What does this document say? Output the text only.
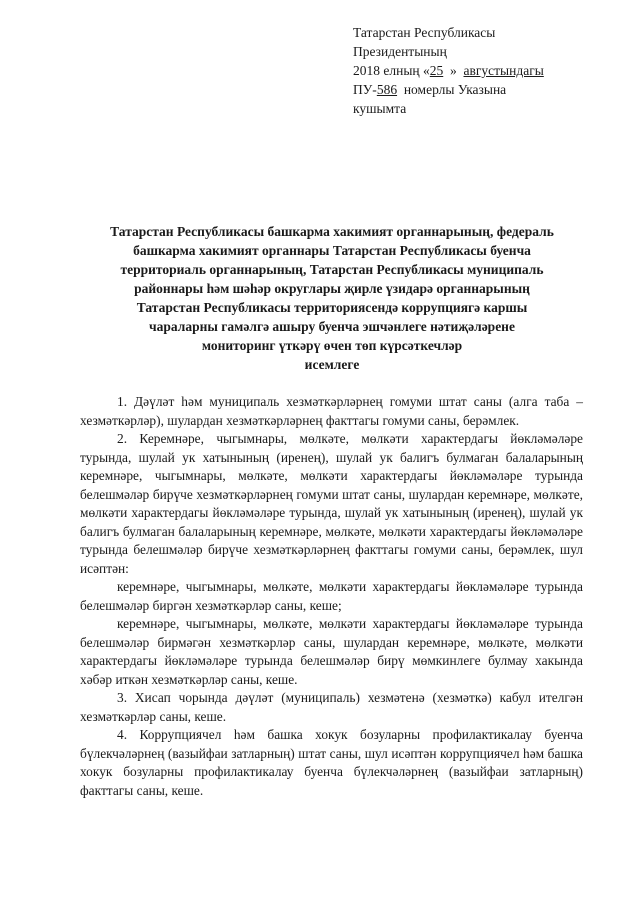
Татарстан Республикасы
Президентының
2018 елның «25 » августындагы
ПУ-586 номерлы Указына
кушымта
Татарстан Республикасы башкарма хакимият органнарының, федераль
башкарма хакимият органнары Татарстан Республикасы буенча
территориаль органнарының, Татарстан Республикасы муниципаль
районнары һәм шәһәр округлары җирле үзидарә органнарының
Татарстан Республикасы территориясендә коррупциягә каршы
чараларны гамәлгә ашыру буенча эшчәнлеге нәтиҗәләрене
мониторинг үткәрү өчен төп күрсәткечләр
исемлеге

1. Дәүләт һәм муниципаль хезмәткәрләрнең гомуми штат саны (алга таба – хезмәткәрләр), шулардан хезмәткәрләрнең факттагы гомуми саны, берәмлек.

2. Керемнәре, чыгымнары, мөлкәте, мөлкәти характердагы йөкләмәләре турында, шулай ук хатынының (иренең), шулай ук балигъ булмаган балаларының керемнәре, чыгымнары, мөлкәте, мөлкәти характердагы йөкләмәләре турында белешмәләр бирүче хезмәткәрләрнең гомуми штат саны, шулардан керемнәре, мөлкәте, мөлкәти характердагы йөкләмәләре турында, шулай ук хатынының (иренең), шулай ук балигъ булмаган балаларының керемнәре, мөлкәте, мөлкәти характердагы йөкләмәләре турында белешмәләр бирүче хезмәткәрләрнең факттагы гомуми саны, берәмлек, шул исәптән:

керемнәре, чыгымнары, мөлкәте, мөлкәти характердагы йөкләмәләре турында белешмәләр биргән хезмәткәрләр саны, кеше;

керемнәре, чыгымнары, мөлкәте, мөлкәти характердагы йөкләмәләре турында белешмәләр бирмәгән хезмәткәрләр саны, шулардан керемнәре, мөлкәте, мөлкәти характердагы йөкләмәләре турында белешмәләр бирү мөмкинлеге булмау хакында хәбәр иткән хезмәткәрләр саны, кеше.

3. Хисап чорында дәүләт (муниципаль) хезмәтенә (хезмәткә) кабул ителгән хезмәткәрләр саны, кеше.

4. Коррупциячел һәм башка хокук бозуларны профилактикалау буенча бүлекчәләрнең (вазыйфаи затларның) штат саны, шул исәптән коррупциячел һәм башка хокук бозуларны профилактикалау буенча бүлекчәләрнең (вазыйфаи затларның) факттагы саны, кеше.
